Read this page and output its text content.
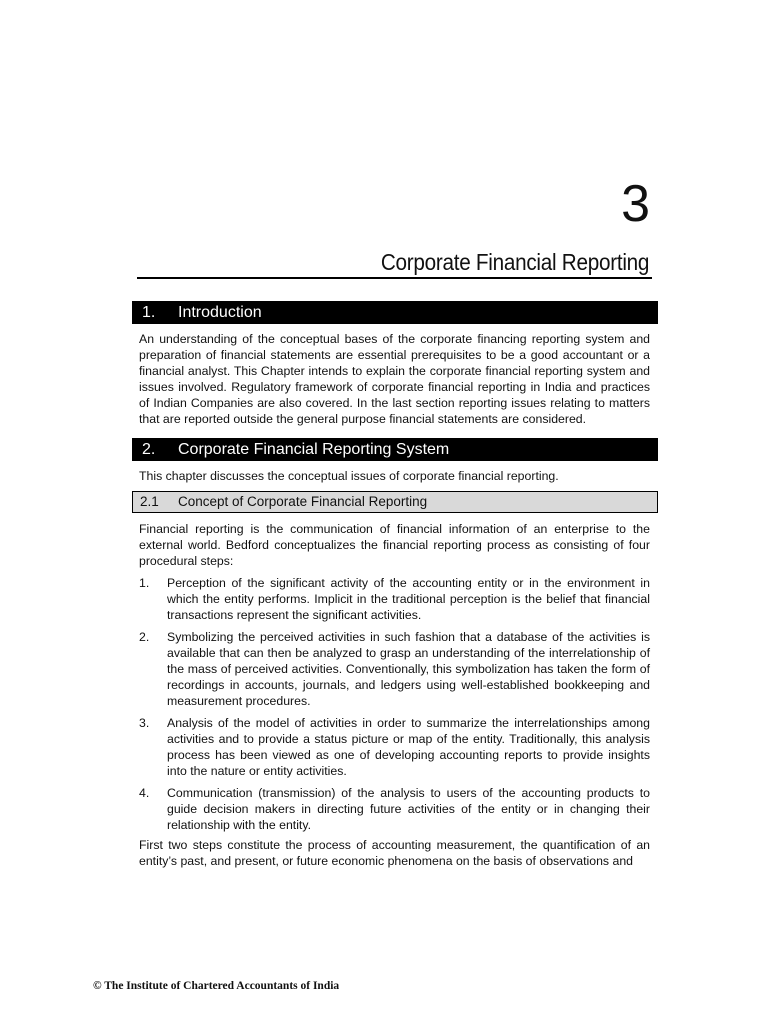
3
Corporate Financial Reporting
1. Introduction

An understanding of the conceptual bases of the corporate financing reporting system and preparation of financial statements are essential prerequisites to be a good accountant or a financial analyst. This Chapter intends to explain the corporate financial reporting system and issues involved. Regulatory framework of corporate financial reporting in India and practices of Indian Companies are also covered. In the last section reporting issues relating to matters that are reported outside the general purpose financial statements are considered.

2. Corporate Financial Reporting System

This chapter discusses the conceptual issues of corporate financial reporting.

2.1 Concept of Corporate Financial Reporting

Financial reporting is the communication of financial information of an enterprise to the external world. Bedford conceptualizes the financial reporting process as consisting of four procedural steps:

1. Perception of the significant activity of the accounting entity or in the environment in which the entity performs. Implicit in the traditional perception is the belief that financial transactions represent the significant activities.
2. Symbolizing the perceived activities in such fashion that a database of the activities is available that can then be analyzed to grasp an understanding of the interrelationship of the mass of perceived activities. Conventionally, this symbolization has taken the form of recordings in accounts, journals, and ledgers using well-established bookkeeping and measurement procedures.
3. Analysis of the model of activities in order to summarize the interrelationships among activities and to provide a status picture or map of the entity. Traditionally, this analysis process has been viewed as one of developing accounting reports to provide insights into the nature or entity activities.
4. Communication (transmission) of the analysis to users of the accounting products to guide decision makers in directing future activities of the entity or in changing their relationship with the entity.

First two steps constitute the process of accounting measurement, the quantification of an entity’s past, and present, or future economic phenomena on the basis of observations and

© The Institute of Chartered Accountants of India
